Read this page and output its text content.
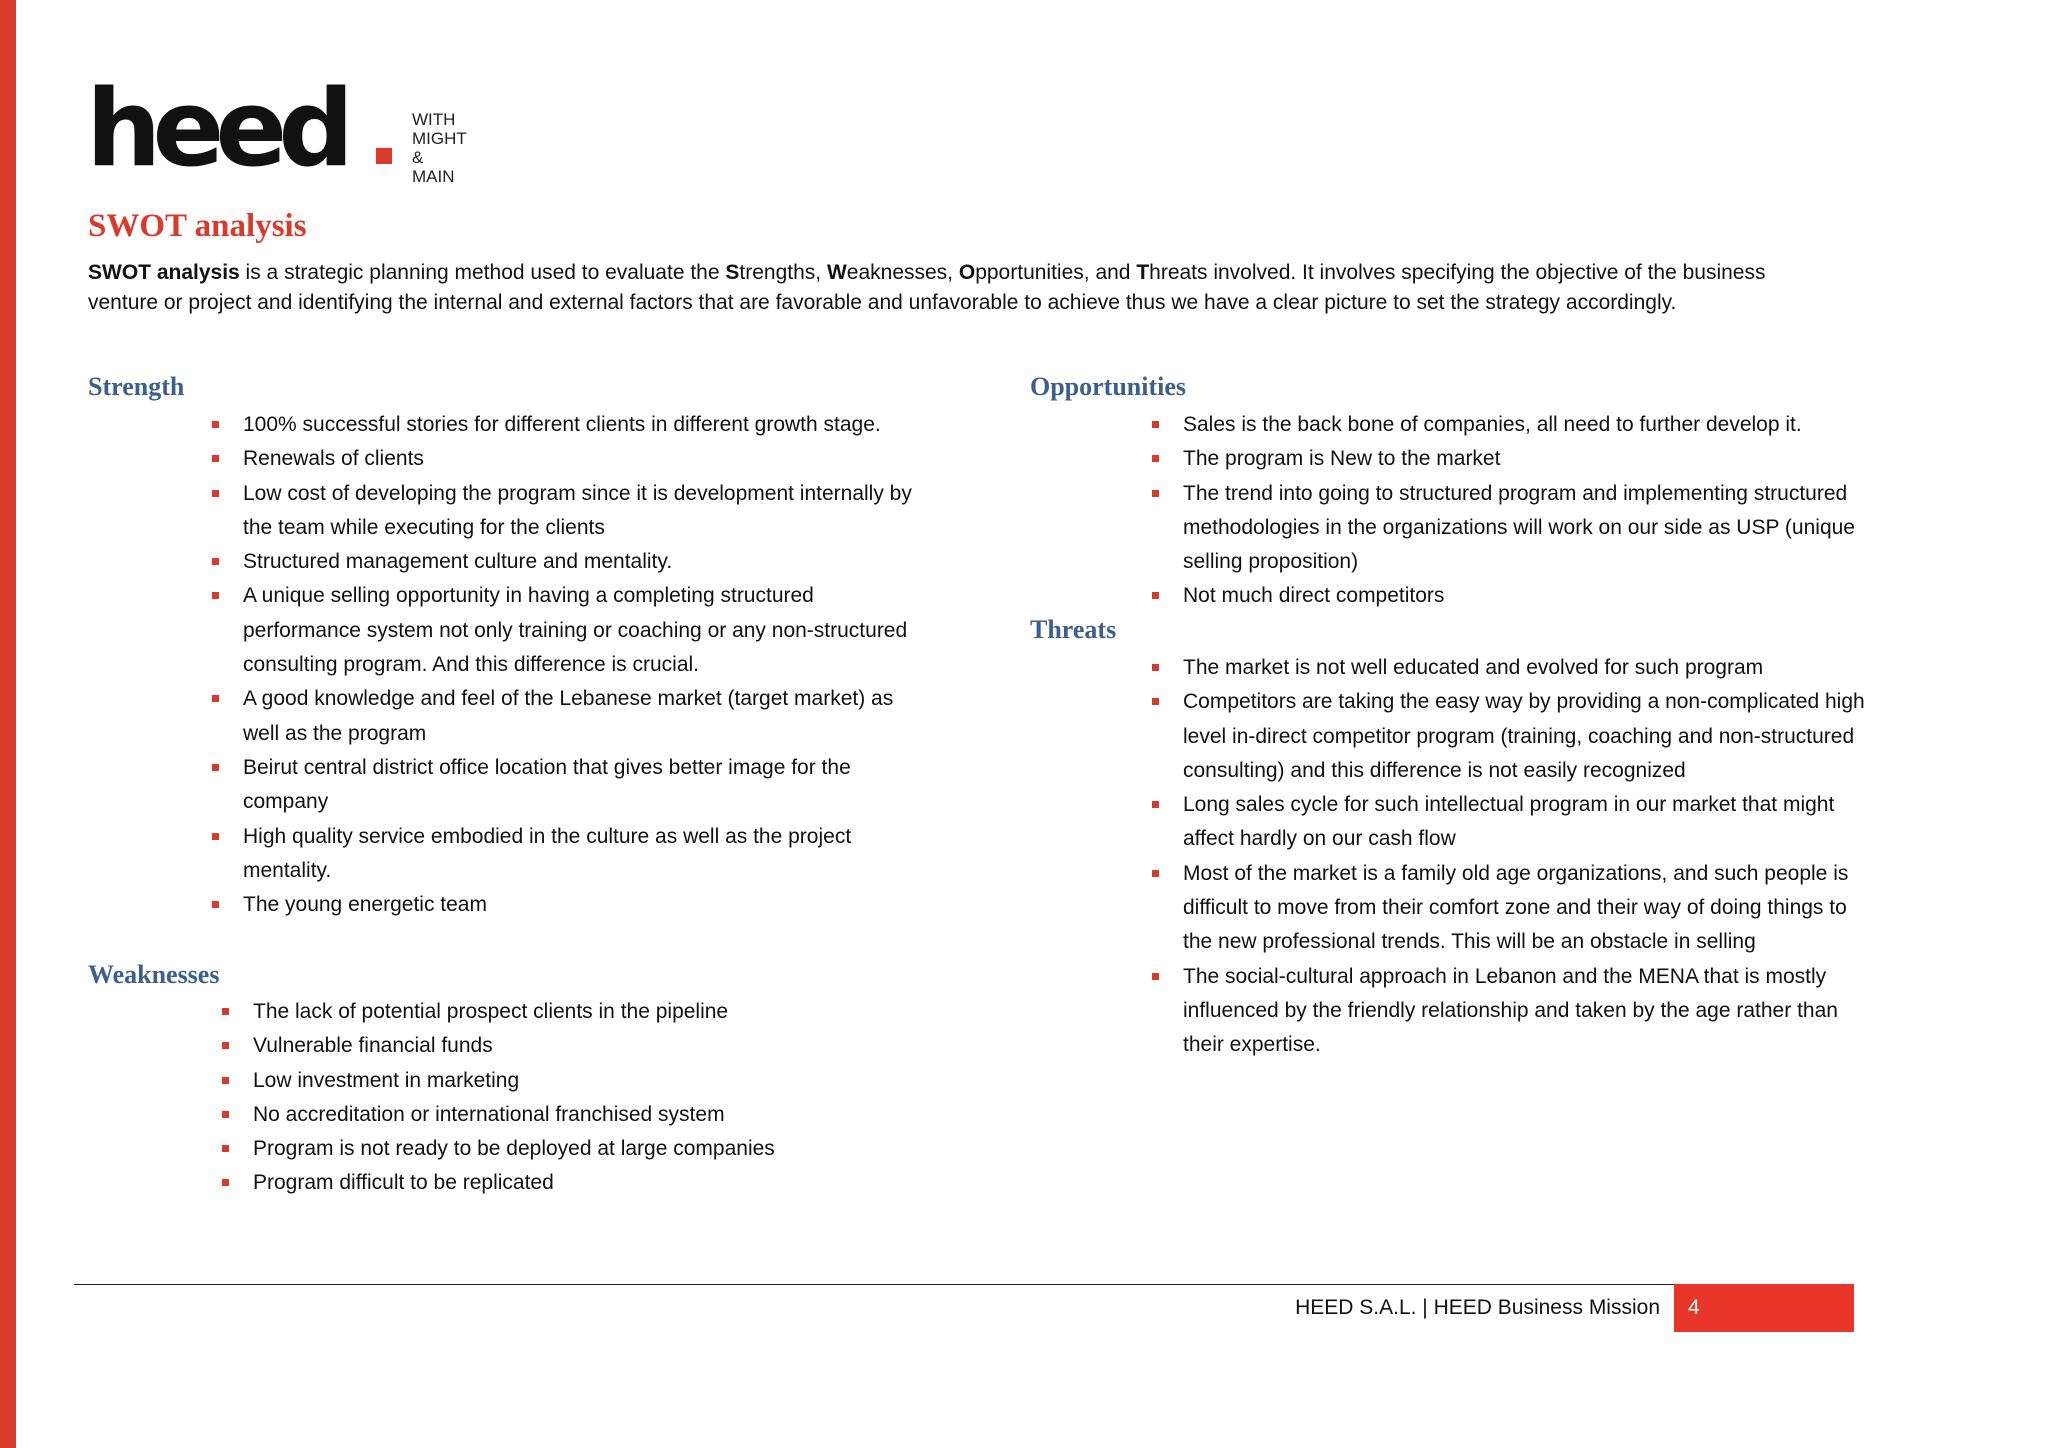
heed	WITH
MIGHT
& MAIN
SWOT analysis

SWOT analysis is a strategic planning method used to evaluate the Strengths, Weaknesses, Opportunities, and Threats involved. It involves specifying the objective of the business venture or project and identifying the internal and external factors that are favorable and unfavorable to achieve thus we have a clear picture to set the strategy accordingly.

Strength
100% successful stories for different clients in different growth stage.
Renewals of clients
Low cost of developing the program since it is development internally by the team while executing for the clients
Structured management culture and mentality.
A unique selling opportunity in having a completing structured performance system not only training or coaching or any non-structured consulting program. And this difference is crucial.
A good knowledge and feel of the Lebanese market (target market) as well as the program
Beirut central district office location that gives better image for the company
High quality service embodied in the culture as well as the project mentality.
The young energetic team
Weaknesses
The lack of potential prospect clients in the pipeline
Vulnerable financial funds
Low investment in marketing
No accreditation or international franchised system
Program is not ready to be deployed at large companies
Program difficult to be replicated
Opportunities
Sales is the back bone of companies, all need to further develop it.
The program is New to the market
The trend into going to structured program and implementing structured methodologies in the organizations will work on our side as USP (unique selling proposition)
Not much direct competitors
Threats
The market is not well educated and evolved for such program
Competitors are taking the easy way by providing a non-complicated high level in-direct competitor program (training, coaching and non-structured consulting) and this difference is not easily recognized
Long sales cycle for such intellectual program in our market that might affect hardly on our cash flow
Most of the market is a family old age organizations, and such people is difficult to move from their comfort zone and their way of doing things to the new professional trends. This will be an obstacle in selling
The social-cultural approach in Lebanon and the MENA that is mostly influenced by the friendly relationship and taken by the age rather than their expertise.
HEED S.A.L. | HEED Business Mission 4
